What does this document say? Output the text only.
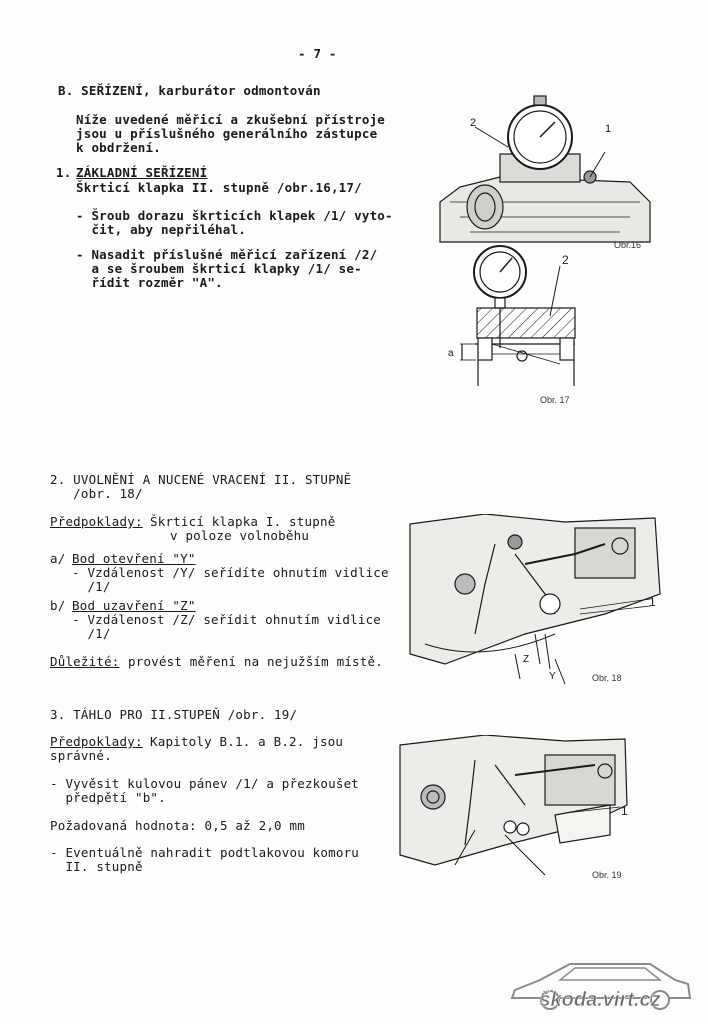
- 7 -
B. SEŘÍZENÍ, karburátor odmontován
Níže uvedené měřicí a zkušební přístroje
jsou u příslušného generálního zástupce
k obdržení.
1. ZÁKLADNÍ SEŘÍZENÍ
Škrticí klapka II. stupně /obr.16,17/
- Šroub dorazu škrticích klapek /1/ vyto-
čit, aby nepřiléhal.
- Nasadit příslušné měřicí zařízení /2/
a se šroubem škrticí klapky /1/ se-
řídit rozměr "A".
2. UVOLNĚNÍ A NUCENÉ VRACENÍ II. STUPNĚ
/obr. 18/
Předpoklady: Škrticí klapka I. stupně
v poloze volnoběhu
a/ Bod otevření "Y"
- Vzdálenost /Y/ seřídíte ohnutím vidlice
/1/
b/ Bod uzavření "Z"
- Vzdálenost /Z/ seřídit ohnutím vidlice
/1/
Důležité: provést měření na nejužším místě.
3. TÁHLO PRO II.STUPEŇ /obr. 19/
Předpoklady: Kapitoly B.1. a B.2. jsou
správné.
- Vyvěsit kulovou pánev /1/ a přezkoušet
předpětí "b".
Požadovaná hodnota: 0,5 až 2,0 mm
- Eventuálně nahradit podtlakovou komoru
II. stupně
2	1
Obr.16
a
2
Obr. 17
1
Z
Y	Obr. 18
1
Obr. 19
škoda.virt.cz
